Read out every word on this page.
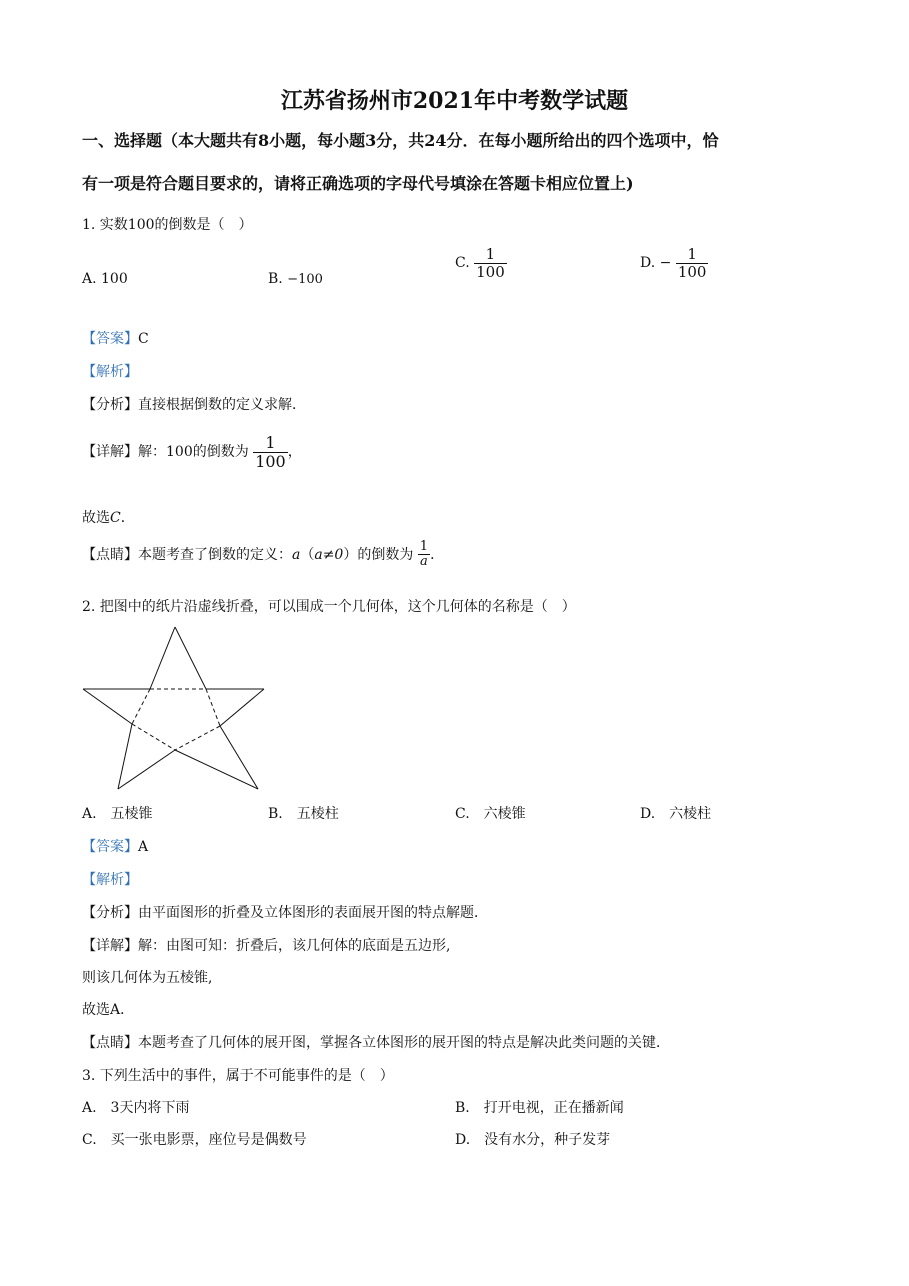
江苏省扬州市2021年中考数学试题
一、选择题（本大题共有8小题，每小题3分，共24分．在每小题所给出的四个选项中，恰
有一项是符合题目要求的，请将正确选项的字母代号填涂在答题卡相应位置上)
1. 实数100的倒数是（　）
A. 100	B. −100
C. $\frac{1}{100}$	D. − $\frac{1}{100}$
【答案】C
【解析】
【分析】直接根据倒数的定义求解．
【详解】解：100的倒数为 $\frac{1}{100}$ ，
故选C．
【点睛】本题考查了倒数的定义：a（a≠0）的倒数为 $\frac{1}{a}$ ．
2. 把图中的纸片沿虚线折叠，可以围成一个几何体，这个几何体的名称是（　）
A.　五棱锥	B.　五棱柱	C.　六棱锥	D.　六棱柱
【答案】A
【解析】
【分析】由平面图形的折叠及立体图形的表面展开图的特点解题．
【详解】解：由图可知：折叠后，该几何体的底面是五边形,
则该几何体为五棱锥,
故选A．
【点睛】本题考查了几何体的展开图，掌握各立体图形的展开图的特点是解决此类问题的关键．
3. 下列生活中的事件，属于不可能事件的是（　）
A.　3天内将下雨	B.　打开电视，正在播新闻
C.　买一张电影票，座位号是偶数号	D.　没有水分，种子发芽
